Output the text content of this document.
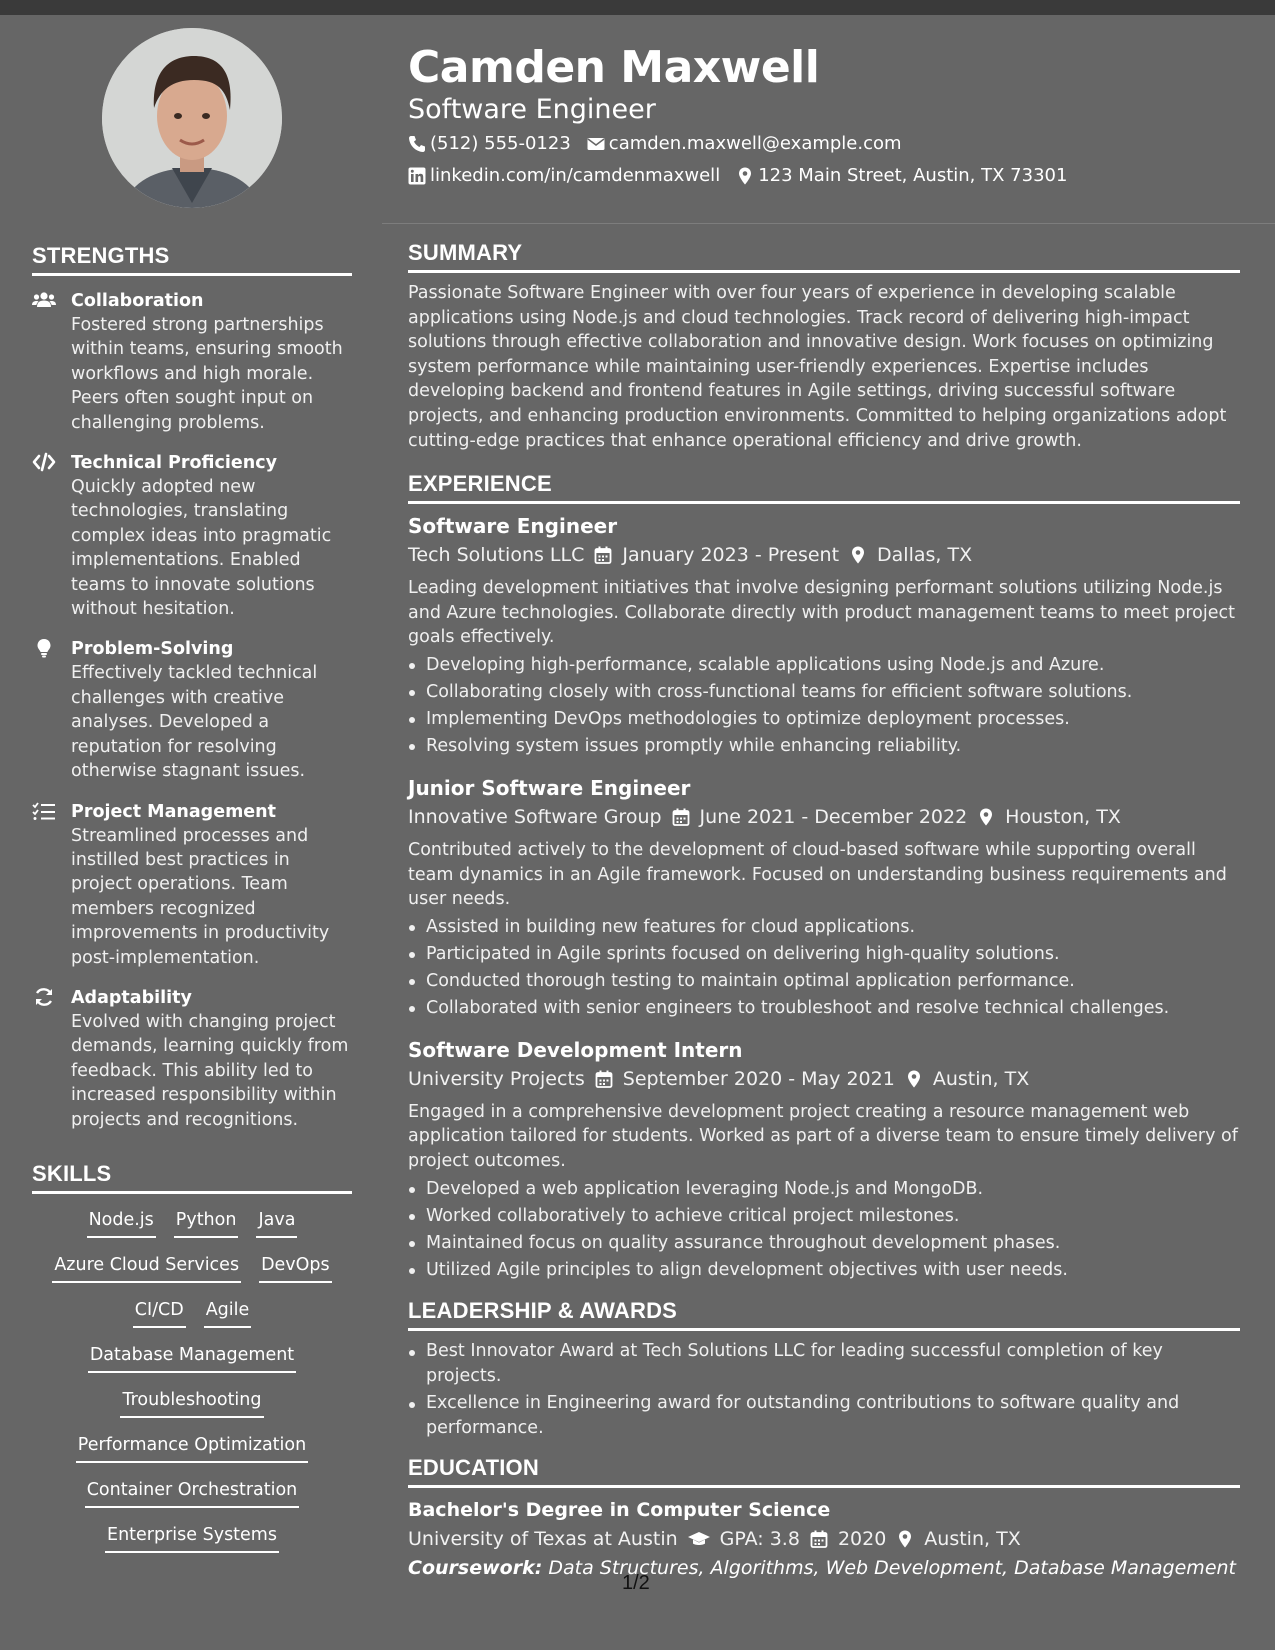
STRENGTHS
Collaboration
Fostered strong partnerships within teams, ensuring smooth workflows and high morale. Peers often sought input on challenging problems.
Technical Proficiency
Quickly adopted new technologies, translating complex ideas into pragmatic implementations. Enabled teams to innovate solutions without hesitation.
Problem-Solving
Effectively tackled technical challenges with creative analyses. Developed a reputation for resolving otherwise stagnant issues.
Project Management
Streamlined processes and instilled best practices in project operations. Team members recognized improvements in productivity post-implementation.
Adaptability
Evolved with changing project demands, learning quickly from feedback. This ability led to increased responsibility within projects and recognitions.
SKILLS
Node.js Python Java
Azure Cloud Services DevOps
CI/CD Agile
Database Management
Troubleshooting
Performance Optimization
Container Orchestration
Enterprise Systems
Camden Maxwell
Software Engineer
(512) 555-0123 camden.maxwell@example.com
linkedin.com/in/camdenmaxwell 123 Main Street, Austin, TX 73301
SUMMARY
Passionate Software Engineer with over four years of experience in developing scalable applications using Node.js and cloud technologies. Track record of delivering high-impact solutions through effective collaboration and innovative design. Work focuses on optimizing system performance while maintaining user-friendly experiences. Expertise includes developing backend and frontend features in Agile settings, driving successful software projects, and enhancing production environments. Committed to helping organizations adopt cutting-edge practices that enhance operational efficiency and drive growth.
EXPERIENCE
Software Engineer
Tech Solutions LLC January 2023 - Present Dallas, TX
Leading development initiatives that involve designing performant solutions utilizing Node.js and Azure technologies. Collaborate directly with product management teams to meet project goals effectively.
Developing high-performance, scalable applications using Node.js and Azure.
Collaborating closely with cross-functional teams for efficient software solutions.
Implementing DevOps methodologies to optimize deployment processes.
Resolving system issues promptly while enhancing reliability.
Junior Software Engineer
Innovative Software Group June 2021 - December 2022 Houston, TX
Contributed actively to the development of cloud-based software while supporting overall team dynamics in an Agile framework. Focused on understanding business requirements and user needs.
Assisted in building new features for cloud applications.
Participated in Agile sprints focused on delivering high-quality solutions.
Conducted thorough testing to maintain optimal application performance.
Collaborated with senior engineers to troubleshoot and resolve technical challenges.
Software Development Intern
University Projects September 2020 - May 2021 Austin, TX
Engaged in a comprehensive development project creating a resource management web application tailored for students. Worked as part of a diverse team to ensure timely delivery of project outcomes.
Developed a web application leveraging Node.js and MongoDB.
Worked collaboratively to achieve critical project milestones.
Maintained focus on quality assurance throughout development phases.
Utilized Agile principles to align development objectives with user needs.
LEADERSHIP & AWARDS
Best Innovator Award at Tech Solutions LLC for leading successful completion of key projects.
Excellence in Engineering award for outstanding contributions to software quality and performance.
EDUCATION
Bachelor's Degree in Computer Science
University of Texas at Austin GPA: 3.8 2020 Austin, TX
Coursework: Data Structures, Algorithms, Web Development, Database Management
1/2
